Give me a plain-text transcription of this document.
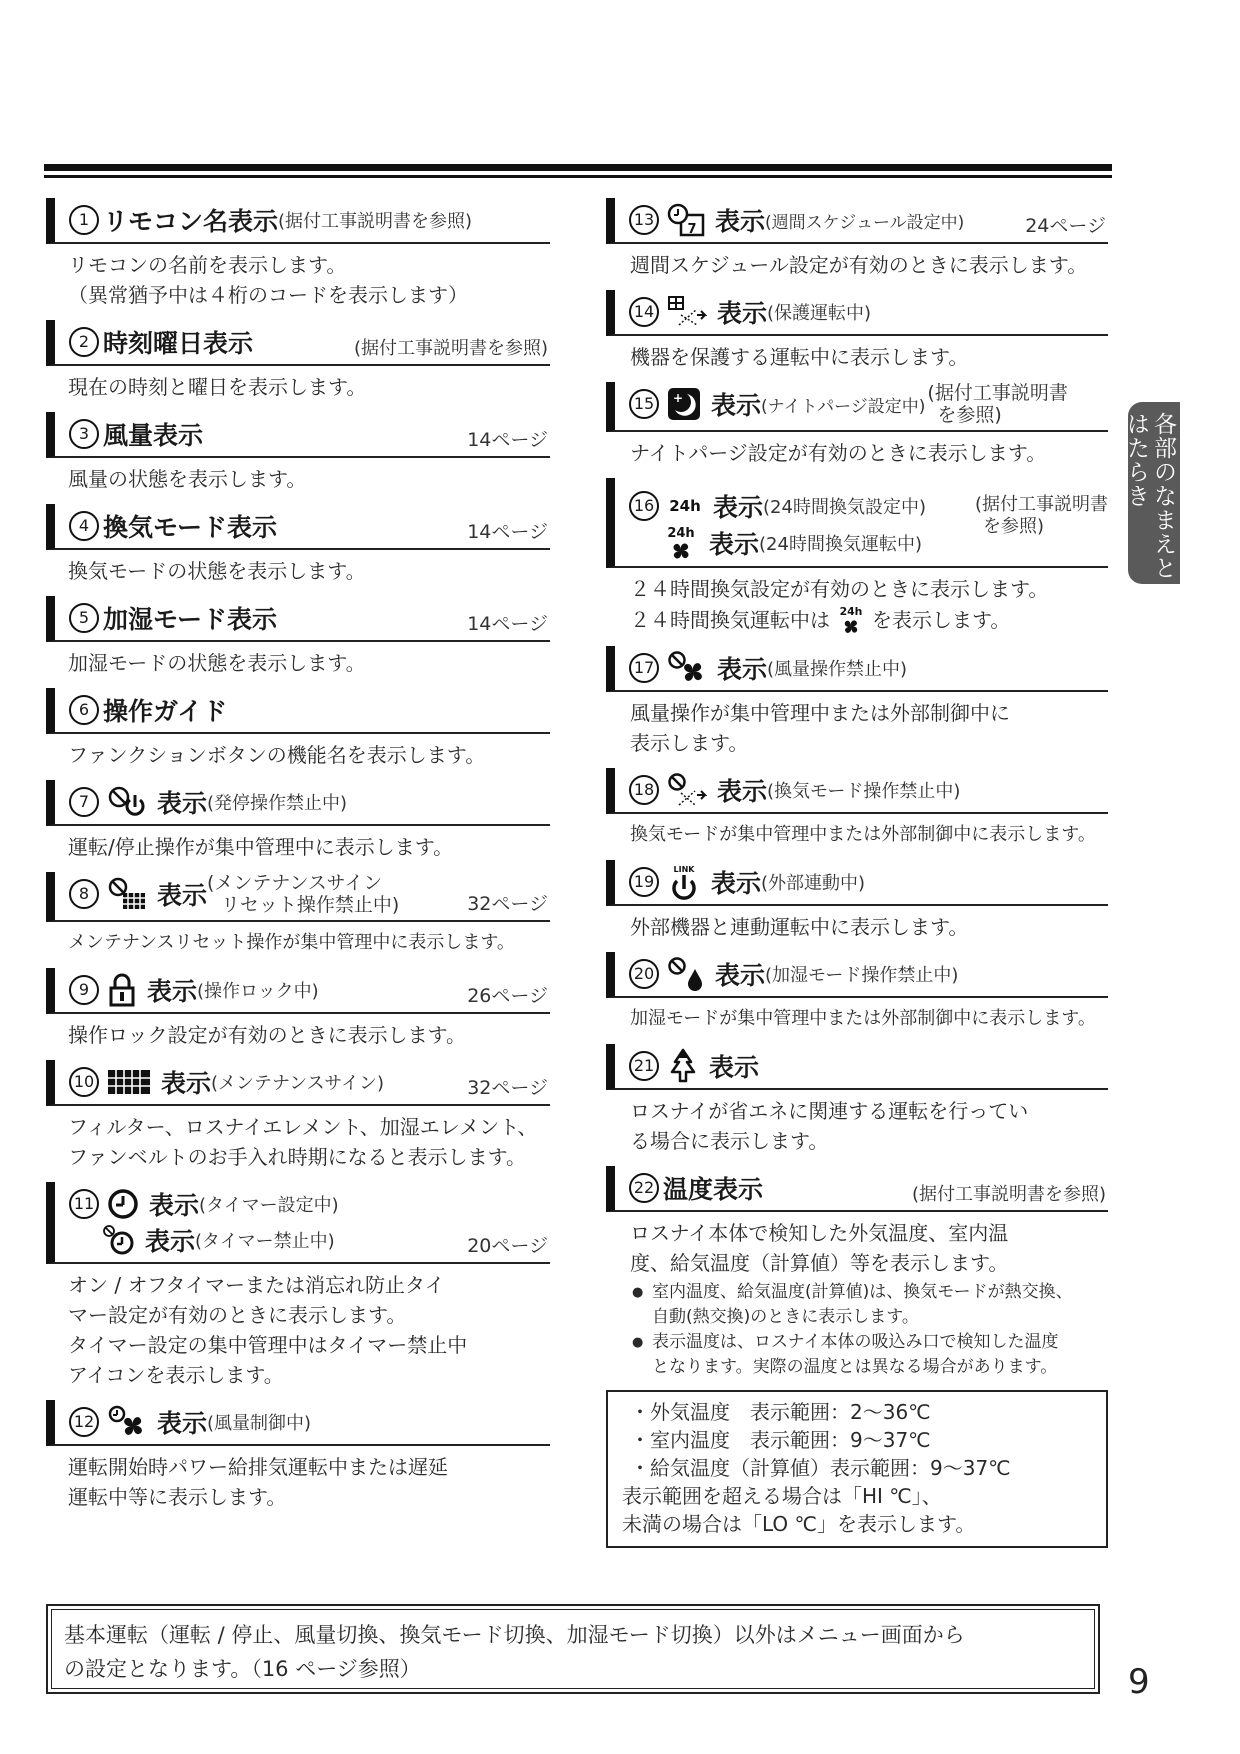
1 リモコン名表示 (据付工事説明書を参照)
リモコンの名前を表示します。
（異常猶予中は４桁のコードを表示します）
2 時刻曜日表示	(据付工事説明書を参照)
現在の時刻と曜日を表示します。
3 風量表示	14ページ
風量の状態を表示します。
4 換気モード表示	14ページ
換気モードの状態を表示します。
5 加湿モード表示	14ページ
加湿モードの状態を表示します。
6 操作ガイド
ファンクションボタンの機能名を表示します。
7	表示 (発停操作禁止中)
運転/停止操作が集中管理中に表示します。
8	表示 (メンテナンスサイン
リセット操作禁止中)	32ページ
メンテナンスリセット操作が集中管理中に表示します。
9	表示 (操作ロック中)	26ページ
操作ロック設定が有効のときに表示します。
10	表示 (メンテナンスサイン)	32ページ
フィルター、ロスナイエレメント、加湿エレメント、
ファンベルトのお手入れ時期になると表示します。
11 表示 (タイマー設定中)
表示 (タイマー禁止中)	20ページ
オン / オフタイマーまたは消忘れ防止タイ
マー設定が有効のときに表示します。
タイマー設定の集中管理中はタイマー禁止中
アイコンを表示します。
12	表示 (風量制御中)
運転開始時パワー給排気運転中または遅延
運転中等に表示します。
13
7 表示 (週間スケジュール設定中)	24ページ
週間スケジュール設定が有効のときに表示します。
14	表示 (保護運転中)
機器を保護する運転中に表示します。
15	+ 表示 (ナイトパージ設定中)
(据付工事説明書
を参照)
ナイトパージ設定が有効のときに表示します。
16	24h 表示 (24時間換気設定中)
24h 表示 (24時間換気運転中)
(据付工事説明書
を参照)
２４時間換気設定が有効のときに表示します。
２４時間換気運転中は 24h を表示します。
17	表示 (風量操作禁止中)
風量操作が集中管理中または外部制御中に
表示します。
18	表示 (換気モード操作禁止中)
換気モードが集中管理中または外部制御中に表示します。
19
LINK 表示 (外部連動中)
外部機器と連動運転中に表示します。
20 表示 (加湿モード操作禁止中)
加湿モードが集中管理中または外部制御中に表示します。
21 表示
ロスナイが省エネに関連する運転を行ってい
る場合に表示します。
22 温度表示	(据付工事説明書を参照)
ロスナイ本体で検知した外気温度、室内温
度、給気温度（計算値）等を表示します。
● 室内温度、給気温度(計算値)は、換気モードが熱交換、
自動(熱交換)のときに表示します。
● 表示温度は、ロスナイ本体の吸込み口で検知した温度
となります。実際の温度とは異なる場合があります。
・外気温度　表示範囲：2～36℃
・室内温度　表示範囲：9～37℃
・給気温度（計算値）表示範囲：9～37℃
表示範囲を超える場合は「HI ℃」、
未満の場合は「LO ℃」を表示します。
基本運転（運転 / 停止、風量切換、換気モード切換、加湿モード切換）以外はメニュー画面から
の設定となります。（16 ページ参照）
各部のなまえとはたらき
9
